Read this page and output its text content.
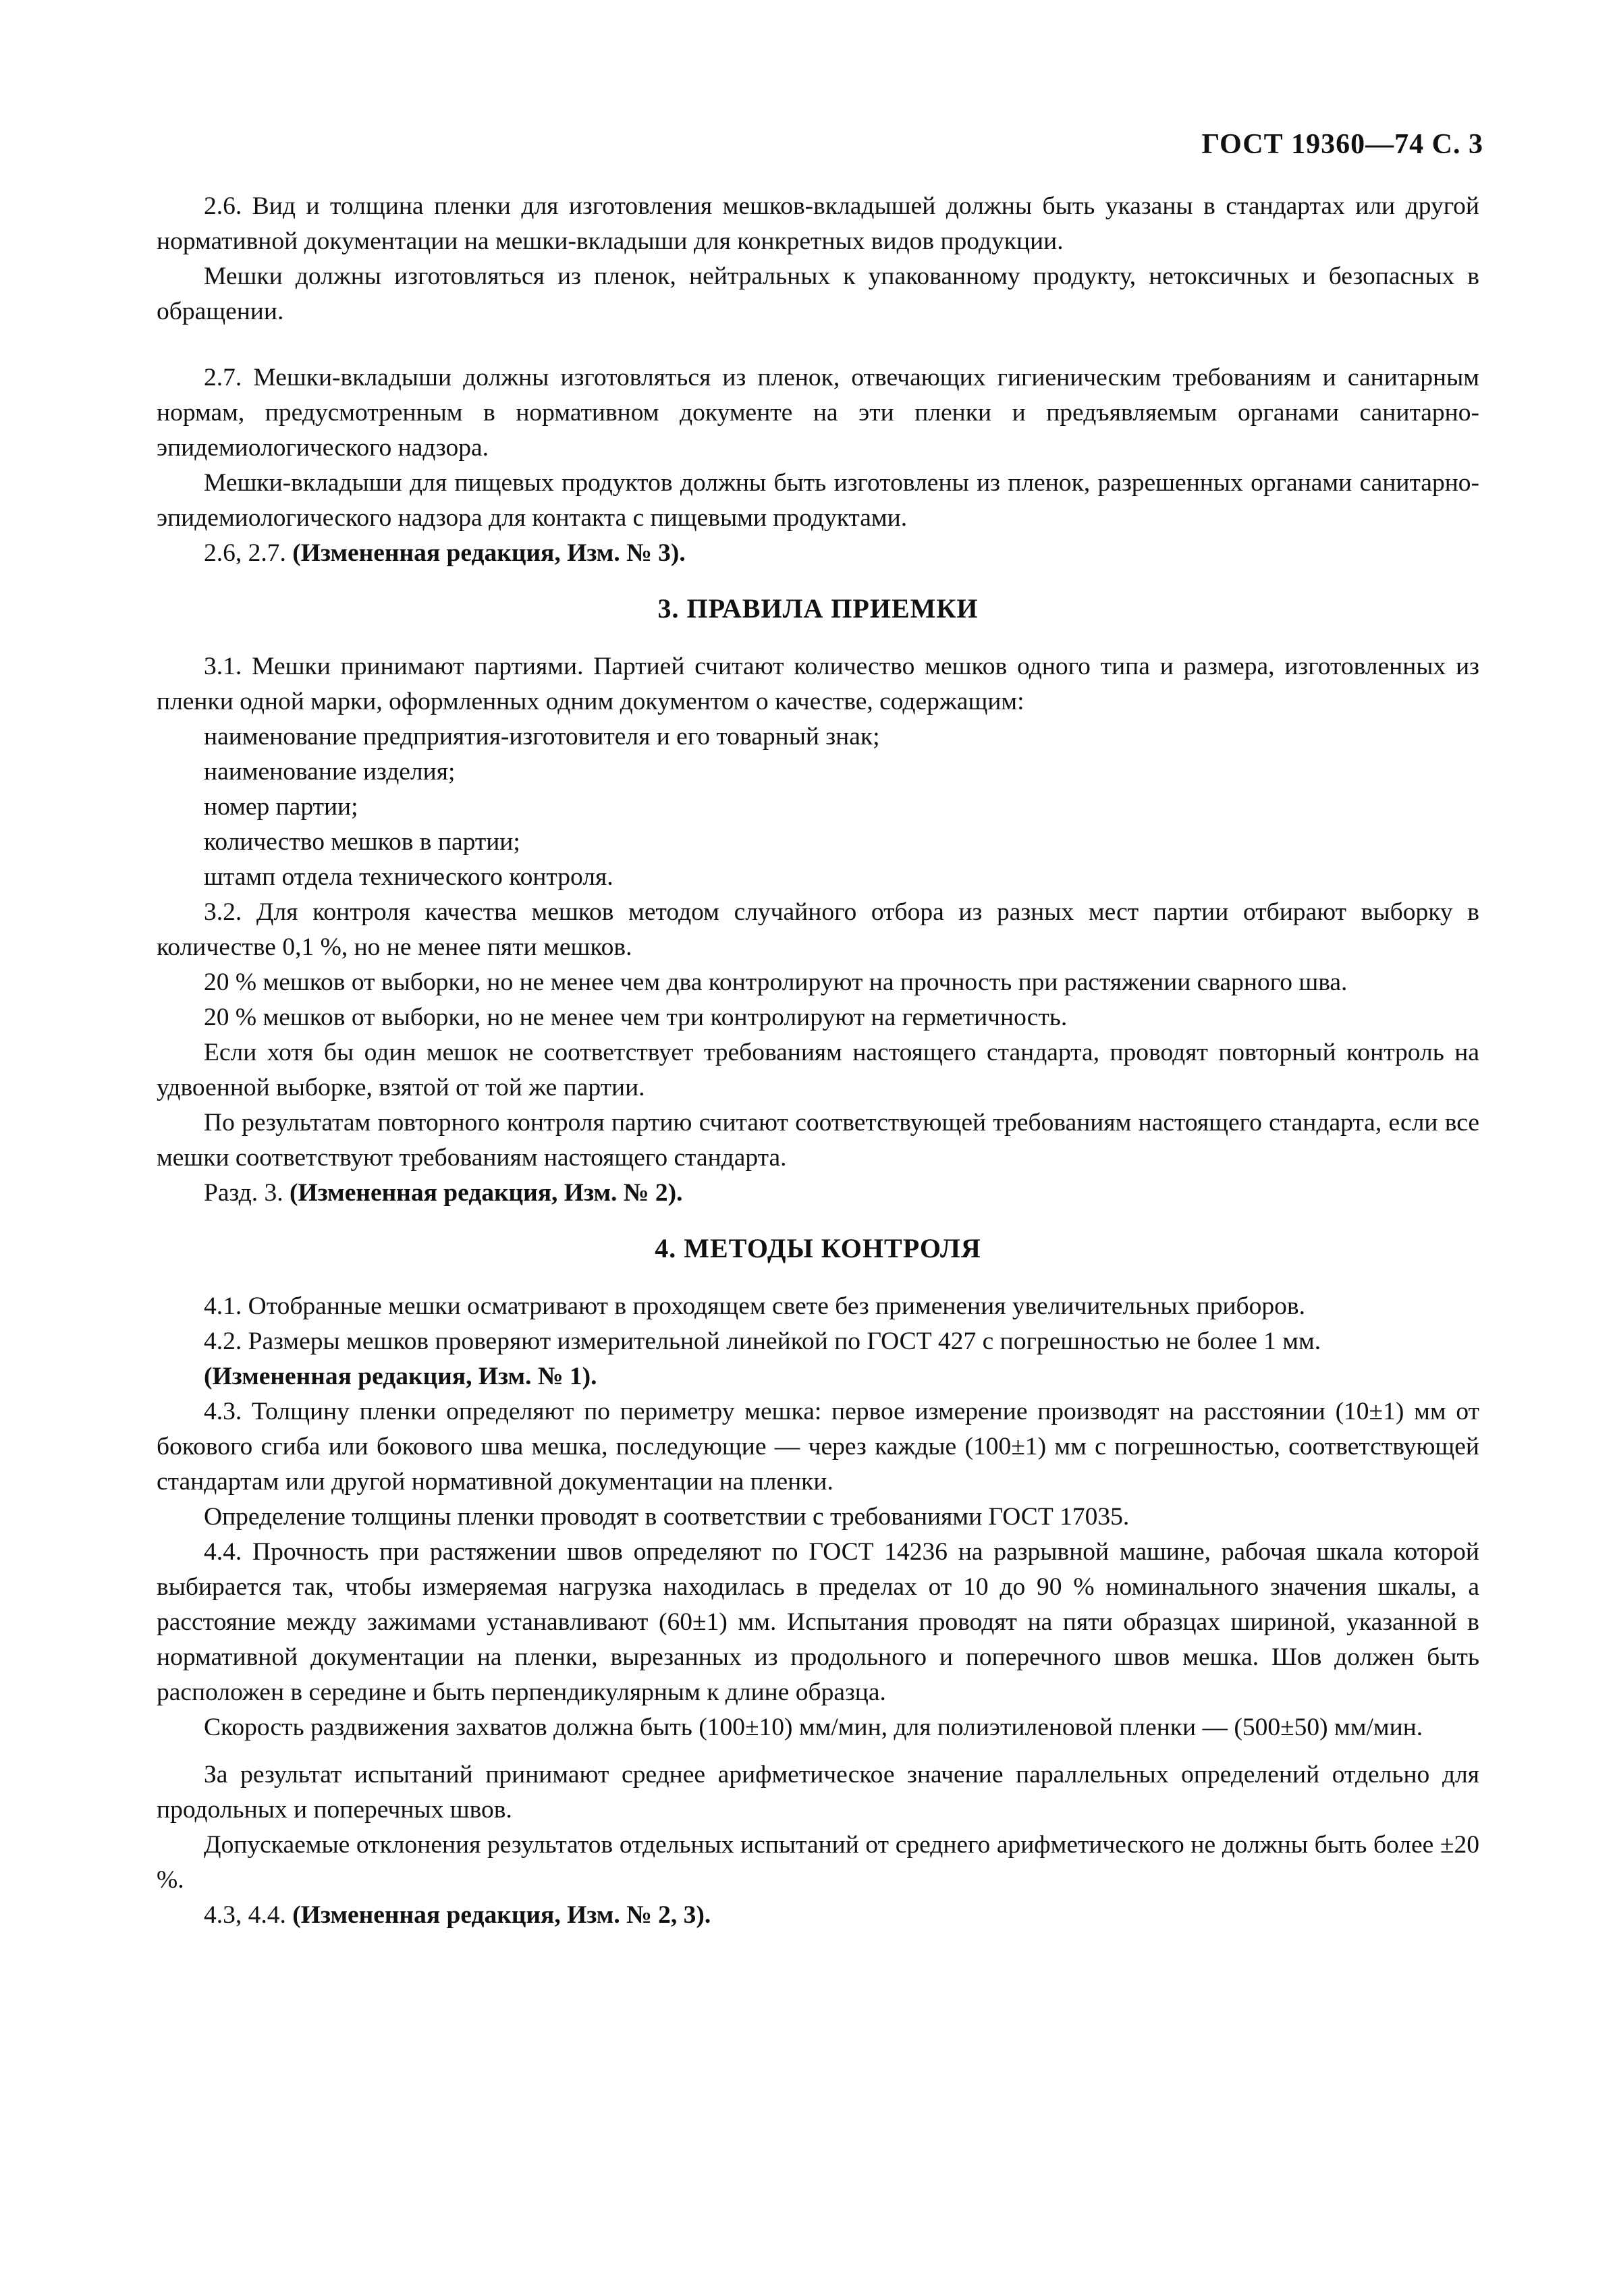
ГОСТ 19360—74 С. 3

2.6. Вид и толщина пленки для изготовления мешков-вкладышей должны быть указаны в стандартах или другой нормативной документации на мешки-вкладыши для конкретных видов продукции.

Мешки должны изготовляться из пленок, нейтральных к упакованному продукту, нетоксичных и безопасных в обращении.

2.7. Мешки-вкладыши должны изготовляться из пленок, отвечающих гигиеническим требованиям и санитарным нормам, предусмотренным в нормативном документе на эти пленки и предъявляемым органами санитарно-эпидемиологического надзора.

Мешки-вкладыши для пищевых продуктов должны быть изготовлены из пленок, разрешенных органами санитарно-эпидемиологического надзора для контакта с пищевыми продуктами.

2.6, 2.7. (Измененная редакция, Изм. № 3).

3. ПРАВИЛА ПРИЕМКИ

3.1. Мешки принимают партиями. Партией считают количество мешков одного типа и размера, изготовленных из пленки одной марки, оформленных одним документом о качестве, содержащим:

наименование предприятия-изготовителя и его товарный знак;

наименование изделия;

номер партии;

количество мешков в партии;

штамп отдела технического контроля.

3.2. Для контроля качества мешков методом случайного отбора из разных мест партии отбирают выборку в количестве 0,1 %, но не менее пяти мешков.

20 % мешков от выборки, но не менее чем два контролируют на прочность при растяжении сварного шва.

20 % мешков от выборки, но не менее чем три контролируют на герметичность.

Если хотя бы один мешок не соответствует требованиям настоящего стандарта, проводят повторный контроль на удвоенной выборке, взятой от той же партии.

По результатам повторного контроля партию считают соответствующей требованиям настоящего стандарта, если все мешки соответствуют требованиям настоящего стандарта.

Разд. 3. (Измененная редакция, Изм. № 2).

4. МЕТОДЫ КОНТРОЛЯ

4.1. Отобранные мешки осматривают в проходящем свете без применения увеличительных приборов.

4.2. Размеры мешков проверяют измерительной линейкой по ГОСТ 427 с погрешностью не более 1 мм.

(Измененная редакция, Изм. № 1).

4.3. Толщину пленки определяют по периметру мешка: первое измерение производят на расстоянии (10±1) мм от бокового сгиба или бокового шва мешка, последующие — через каждые (100±1) мм с погрешностью, соответствующей стандартам или другой нормативной документации на пленки.

Определение толщины пленки проводят в соответствии с требованиями ГОСТ 17035.

4.4. Прочность при растяжении швов определяют по ГОСТ 14236 на разрывной машине, рабочая шкала которой выбирается так, чтобы измеряемая нагрузка находилась в пределах от 10 до 90 % номинального значения шкалы, а расстояние между зажимами устанавливают (60±1) мм. Испытания проводят на пяти образцах шириной, указанной в нормативной документации на пленки, вырезанных из продольного и поперечного швов мешка. Шов должен быть расположен в середине и быть перпендикулярным к длине образца.

Скорость раздвижения захватов должна быть (100±10) мм/мин, для полиэтиленовой пленки — (500±50) мм/мин.

За результат испытаний принимают среднее арифметическое значение параллельных определений отдельно для продольных и поперечных швов.

Допускаемые отклонения результатов отдельных испытаний от среднего арифметического не должны быть более ±20 %.

4.3, 4.4. (Измененная редакция, Изм. № 2, 3).
